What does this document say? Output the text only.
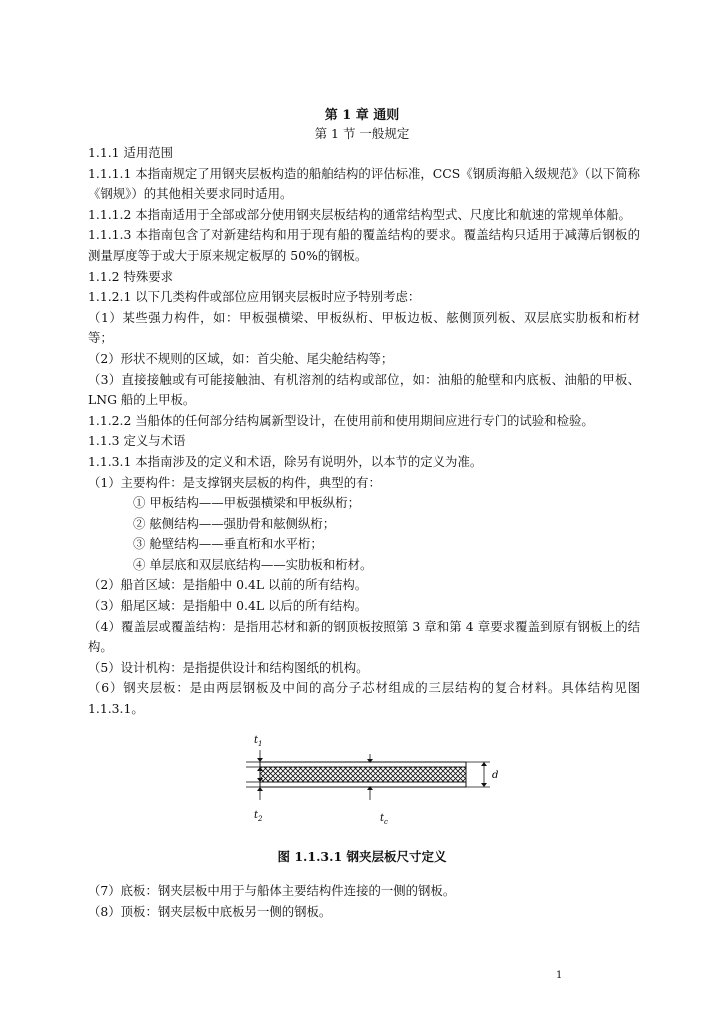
第 1 章 通则
第 1 节 一般规定

1.1.1 适用范围

1.1.1.1 本指南规定了用钢夹层板构造的船舶结构的评估标准，CCS《钢质海船入级规范》（以下简称《钢规》）的其他相关要求同时适用。

1.1.1.2 本指南适用于全部或部分使用钢夹层板结构的通常结构型式、尺度比和航速的常规单体船。

1.1.1.3 本指南包含了对新建结构和用于现有船的覆盖结构的要求。覆盖结构只适用于减薄后钢板的测量厚度等于或大于原来规定板厚的 50%的钢板。

1.1.2 特殊要求

1.1.2.1 以下几类构件或部位应用钢夹层板时应予特别考虑：

（1）某些强力构件，如：甲板强横梁、甲板纵桁、甲板边板、舷侧顶列板、双层底实肋板和桁材等；

（2）形状不规则的区域，如：首尖舱、尾尖舱结构等；

（3）直接接触或有可能接触油、有机溶剂的结构或部位，如：油船的舱壁和内底板、油船的甲板、LNG 船的上甲板。

1.1.2.2 当船体的任何部分结构属新型设计，在使用前和使用期间应进行专门的试验和检验。

1.1.3 定义与术语

1.1.3.1 本指南涉及的定义和术语，除另有说明外，以本节的定义为准。

（1）主要构件：是支撑钢夹层板的构件，典型的有：

① 甲板结构——甲板强横梁和甲板纵桁；

② 舷侧结构——强肋骨和舷侧纵桁；

③ 舱壁结构——垂直桁和水平桁；

④ 单层底和双层底结构——实肋板和桁材。

（2）船首区域：是指船中 0.4L 以前的所有结构。

（3）船尾区域：是指船中 0.4L 以后的所有结构。

（4）覆盖层或覆盖结构：是指用芯材和新的钢顶板按照第 3 章和第 4 章要求覆盖到原有钢板上的结构。

（5）设计机构：是指提供设计和结构图纸的机构。

（6）钢夹层板：是由两层钢板及中间的高分子芯材组成的三层结构的复合材料。具体结构见图 1.1.3.1。

$t_1$
$t_2$	$t_c$
d
图 1.1.3.1 钢夹层板尺寸定义

（7）底板：钢夹层板中用于与船体主要结构件连接的一侧的钢板。

（8）顶板：钢夹层板中底板另一侧的钢板。

1
